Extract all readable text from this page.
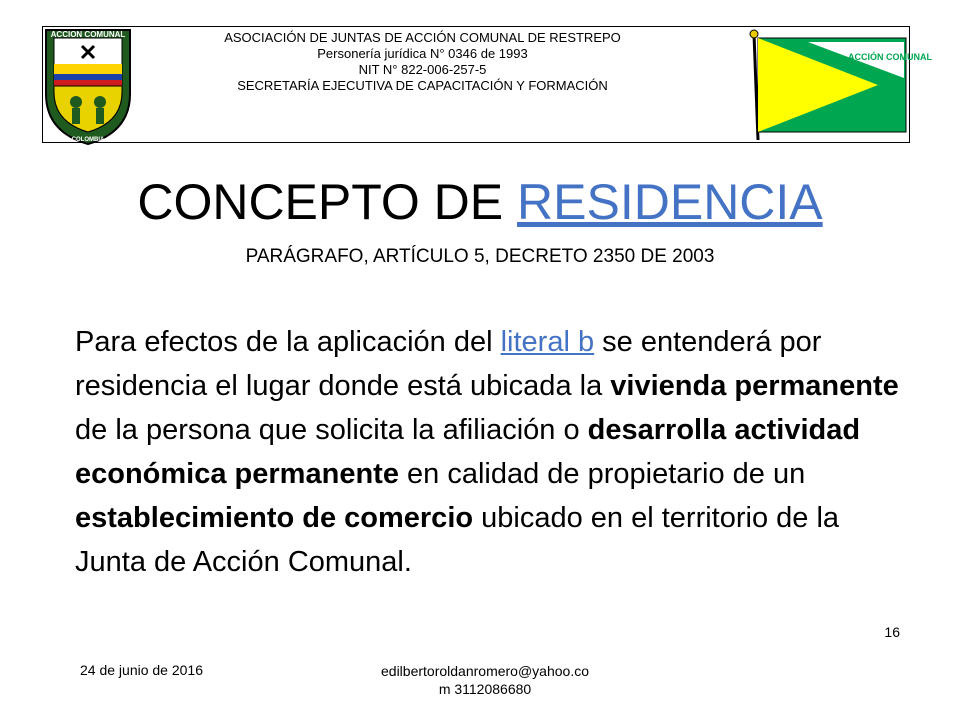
ACCION COMUNAL
COLOMBIA
ASOCIACIÓN DE JUNTAS DE ACCIÓN COMUNAL DE RESTREPO
Personería jurídica N° 0346 de 1993
NIT N° 822-006-257-5
SECRETARÍA EJECUTIVA DE CAPACITACIÓN Y FORMACIÓN
ACCIÓN COMUNAL
CONCEPTO DE RESIDENCIA
PARÁGRAFO, ARTÍCULO 5, DECRETO 2350 DE 2003
Para efectos de la aplicación del literal b se entenderá por residencia el lugar donde está ubicada la vivienda permanente de la persona que solicita la afiliación o desarrolla actividad económica permanente en calidad de propietario de un establecimiento de comercio ubicado en el territorio de la Junta de Acción Comunal.
16
24 de junio de 2016	edilbertoroldanromero@yahoo.co
m 3112086680
